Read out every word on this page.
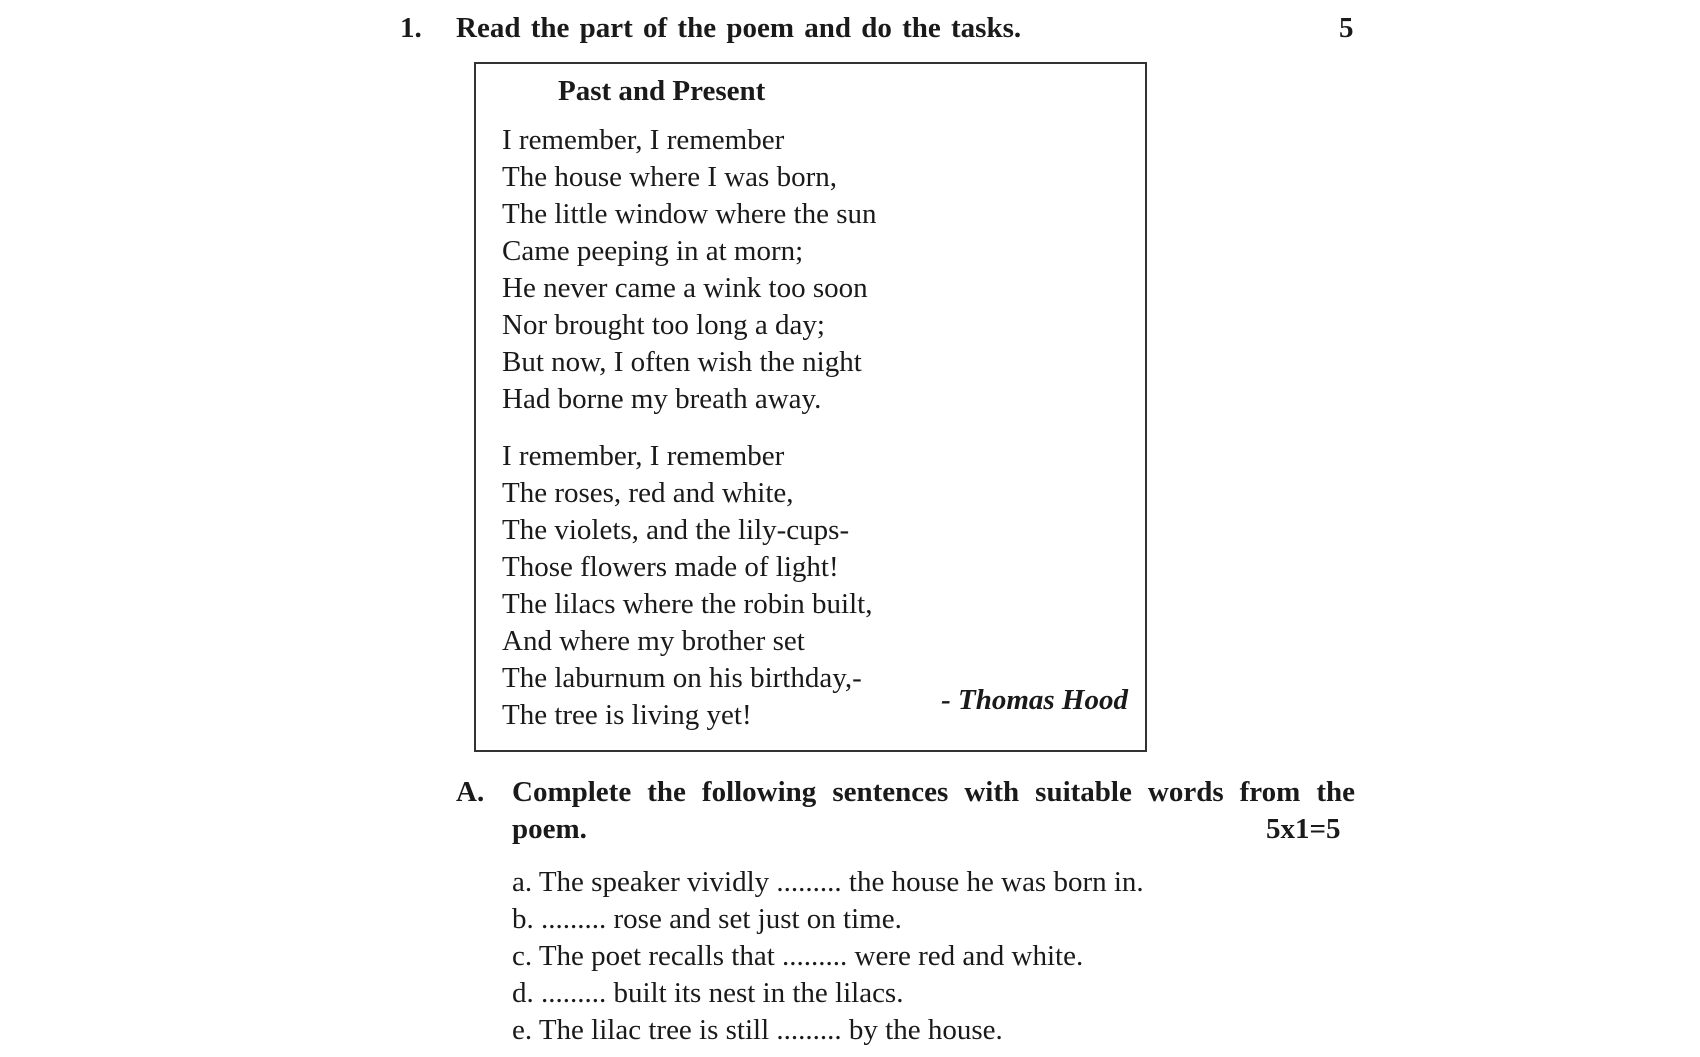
1. Read the part of the poem and do the tasks.	5
Past and Present
I remember, I remember
The house where I was born,
The little window where the sun
Came peeping in at morn;
He never came a wink too soon
Nor brought too long a day;
But now, I often wish the night
Had borne my breath away.
I remember, I remember
The roses, red and white,
The violets, and the lily-cups-
Those flowers made of light!
The lilacs where the robin built,
And where my brother set
The laburnum on his birthday,-
The tree is living yet!	- Thomas Hood
A. Complete the following sentences with suitable words from the
poem.	5x1=5
a. The speaker vividly ......... the house he was born in.
b. ......... rose and set just on time.
c. The poet recalls that ......... were red and white.
d. ......... built its nest in the lilacs.
e. The lilac tree is still ......... by the house.
